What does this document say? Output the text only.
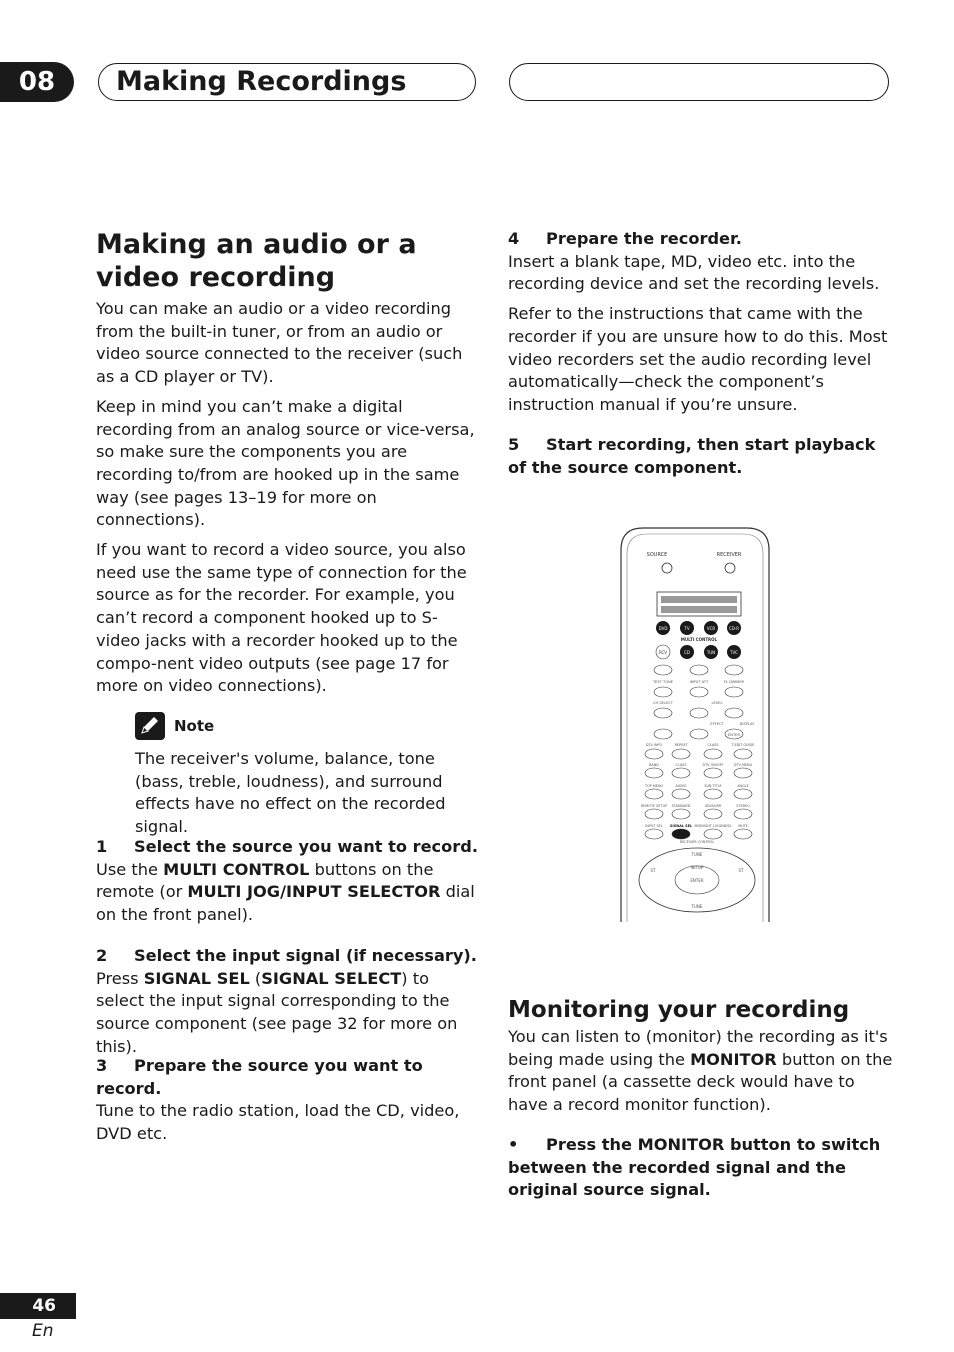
08	Making Recordings
Making an audio or a video recording

You can make an audio or a video recording from the built-in tuner, or from an audio or video source connected to the receiver (such as a CD player or TV).

Keep in mind you can’t make a digital recording from an analog source or vice-versa, so make sure the components you are recording to/from are hooked up in the same way (see pages 13–19 for more on connections).

If you want to record a video source, you also need use the same type of connection for the source as for the recorder. For example, you can’t record a component hooked up to S-video jacks with a recorder hooked up to the compo-nent video outputs (see page 17 for more on video connections).

Note
The receiver's volume, balance, tone (bass, treble, loudness), and surround effects have no effect on the recorded signal.
1 Select the source you want to record.
Use the MULTI CONTROL buttons on the remote (or MULTI JOG/INPUT SELECTOR dial on the front panel).
2 Select the input signal (if necessary).
Press SIGNAL SEL (SIGNAL SELECT) to select the input signal corresponding to the source component (see page 32 for more on this).
3 Prepare the source you want to record.
Tune to the radio station, load the CD, video, DVD etc.
4 Prepare the recorder.

Insert a blank tape, MD, video etc. into the recording device and set the recording levels.

Refer to the instructions that came with the recorder if you are unsure how to do this. Most video recorders set the audio recording level automatically—check the component’s instruction manual if you’re unsure.

5 Start recording, then start playback of the source component.
SOURCE	RECEIVER
DVD	TV	VCR	CD-R
MULTI CONTROL
RCV	CD	TUN	TVC
TEST TONE	INPUT ATT	FL DIMMER
CH SELECT	LEVEL
EFFECT	DISPLAY
ENTER
DTV INFO	REPEAT	CLASS	T.EDIT GUIDE
BAND	CLASS	DTV ON/OFF	DTV MENU
TOP MENU	AUDIO	SUB TITLE	ANGLE
REMOTE SETUP STANDARD	ADVSURR	STEREO
INPUT SEL SIGNAL SEL MIDNIGHT LOUDNESS MUTE
RECEIVER CONTROL
TUNE
SETUP
ENTER
TUNE
ST	ST
Monitoring your recording
You can listen to (monitor) the recording as it's being made using the MONITOR button on the front panel (a cassette deck would have to have a record monitor function).
• Press the MONITOR button to switch between the recorded signal and the original source signal.
46
En
